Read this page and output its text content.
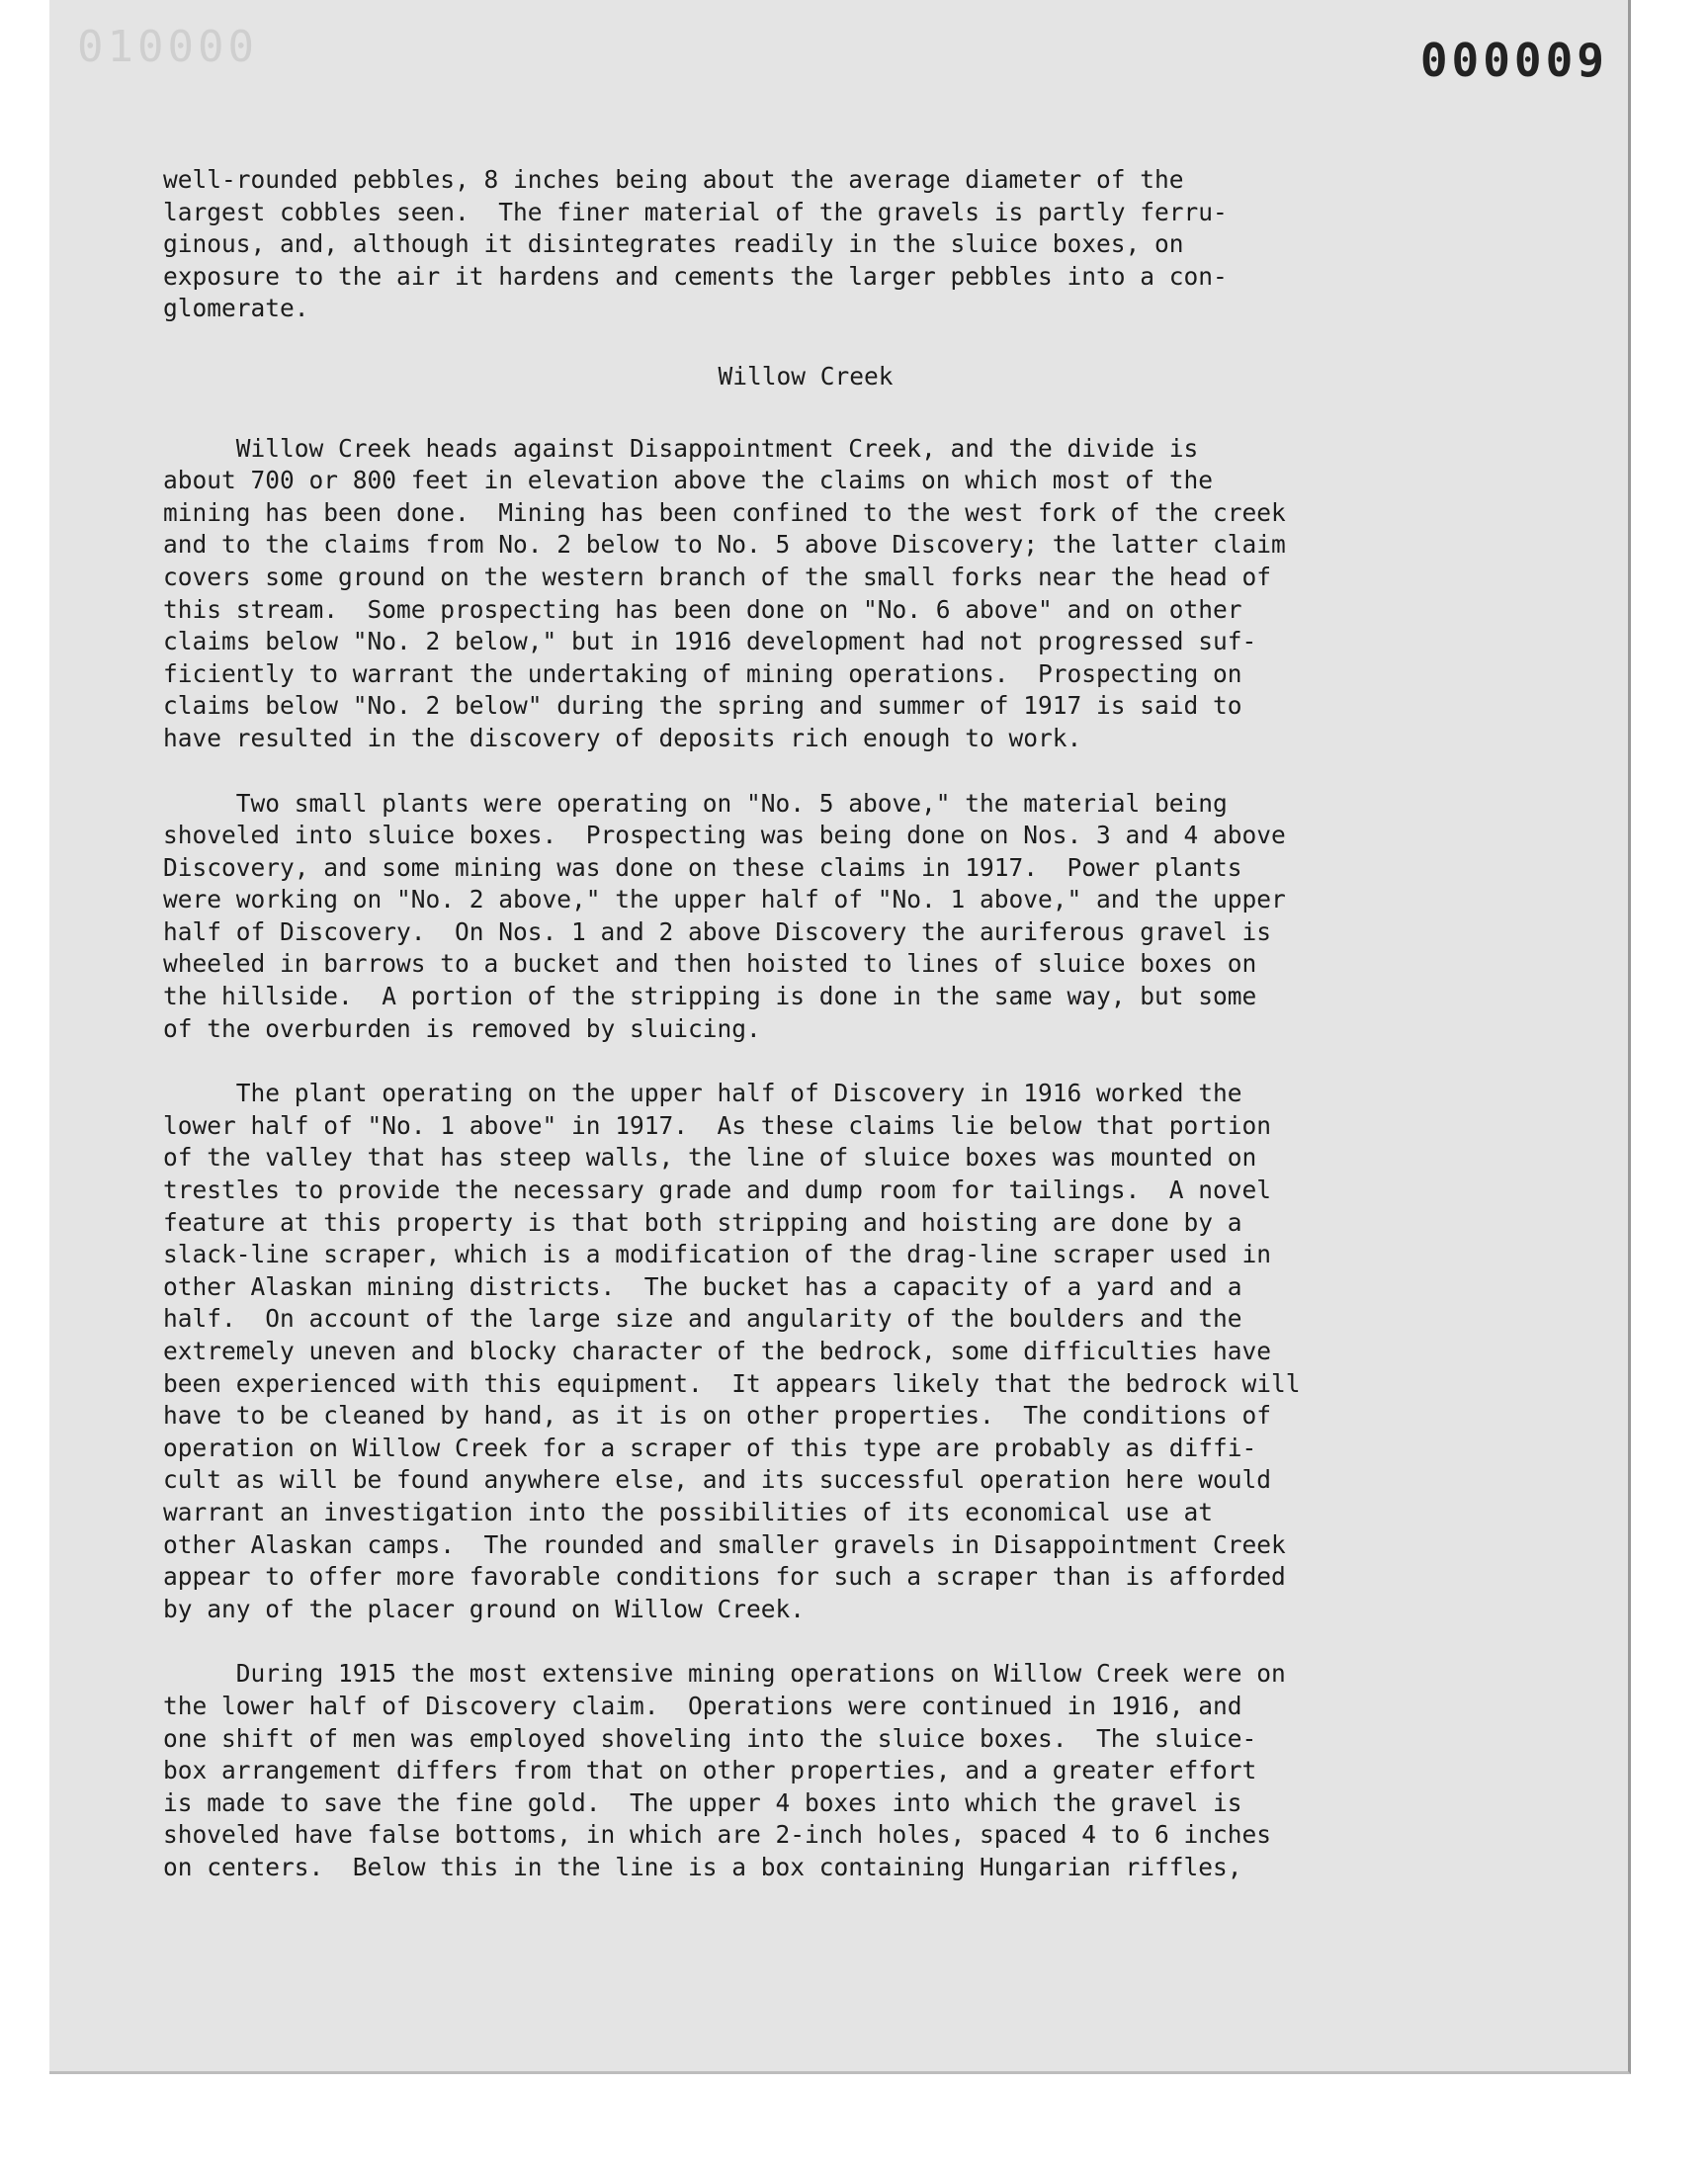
010000	000009
well-rounded pebbles, 8 inches being about the average diameter of the
largest cobbles seen.  The finer material of the gravels is partly ferru-
ginous, and, although it disintegrates readily in the sluice boxes, on
exposure to the air it hardens and cements the larger pebbles into a con-
glomerate.
Willow Creek
Willow Creek heads against Disappointment Creek, and the divide is
about 700 or 800 feet in elevation above the claims on which most of the
mining has been done.  Mining has been confined to the west fork of the creek
and to the claims from No. 2 below to No. 5 above Discovery; the latter claim
covers some ground on the western branch of the small forks near the head of
this stream.  Some prospecting has been done on "No. 6 above" and on other
claims below "No. 2 below," but in 1916 development had not progressed suf-
ficiently to warrant the undertaking of mining operations.  Prospecting on
claims below "No. 2 below" during the spring and summer of 1917 is said to
have resulted in the discovery of deposits rich enough to work.
Two small plants were operating on "No. 5 above," the material being
shoveled into sluice boxes.  Prospecting was being done on Nos. 3 and 4 above
Discovery, and some mining was done on these claims in 1917.  Power plants
were working on "No. 2 above," the upper half of "No. 1 above," and the upper
half of Discovery.  On Nos. 1 and 2 above Discovery the auriferous gravel is
wheeled in barrows to a bucket and then hoisted to lines of sluice boxes on
the hillside.  A portion of the stripping is done in the same way, but some
of the overburden is removed by sluicing.
The plant operating on the upper half of Discovery in 1916 worked the
lower half of "No. 1 above" in 1917.  As these claims lie below that portion
of the valley that has steep walls, the line of sluice boxes was mounted on
trestles to provide the necessary grade and dump room for tailings.  A novel
feature at this property is that both stripping and hoisting are done by a
slack-line scraper, which is a modification of the drag-line scraper used in
other Alaskan mining districts.  The bucket has a capacity of a yard and a
half.  On account of the large size and angularity of the boulders and the
extremely uneven and blocky character of the bedrock, some difficulties have
been experienced with this equipment.  It appears likely that the bedrock will
have to be cleaned by hand, as it is on other properties.  The conditions of
operation on Willow Creek for a scraper of this type are probably as diffi-
cult as will be found anywhere else, and its successful operation here would
warrant an investigation into the possibilities of its economical use at
other Alaskan camps.  The rounded and smaller gravels in Disappointment Creek
appear to offer more favorable conditions for such a scraper than is afforded
by any of the placer ground on Willow Creek.
During 1915 the most extensive mining operations on Willow Creek were on
the lower half of Discovery claim.  Operations were continued in 1916, and
one shift of men was employed shoveling into the sluice boxes.  The sluice-
box arrangement differs from that on other properties, and a greater effort
is made to save the fine gold.  The upper 4 boxes into which the gravel is
shoveled have false bottoms, in which are 2-inch holes, spaced 4 to 6 inches
on centers.  Below this in the line is a box containing Hungarian riffles,
